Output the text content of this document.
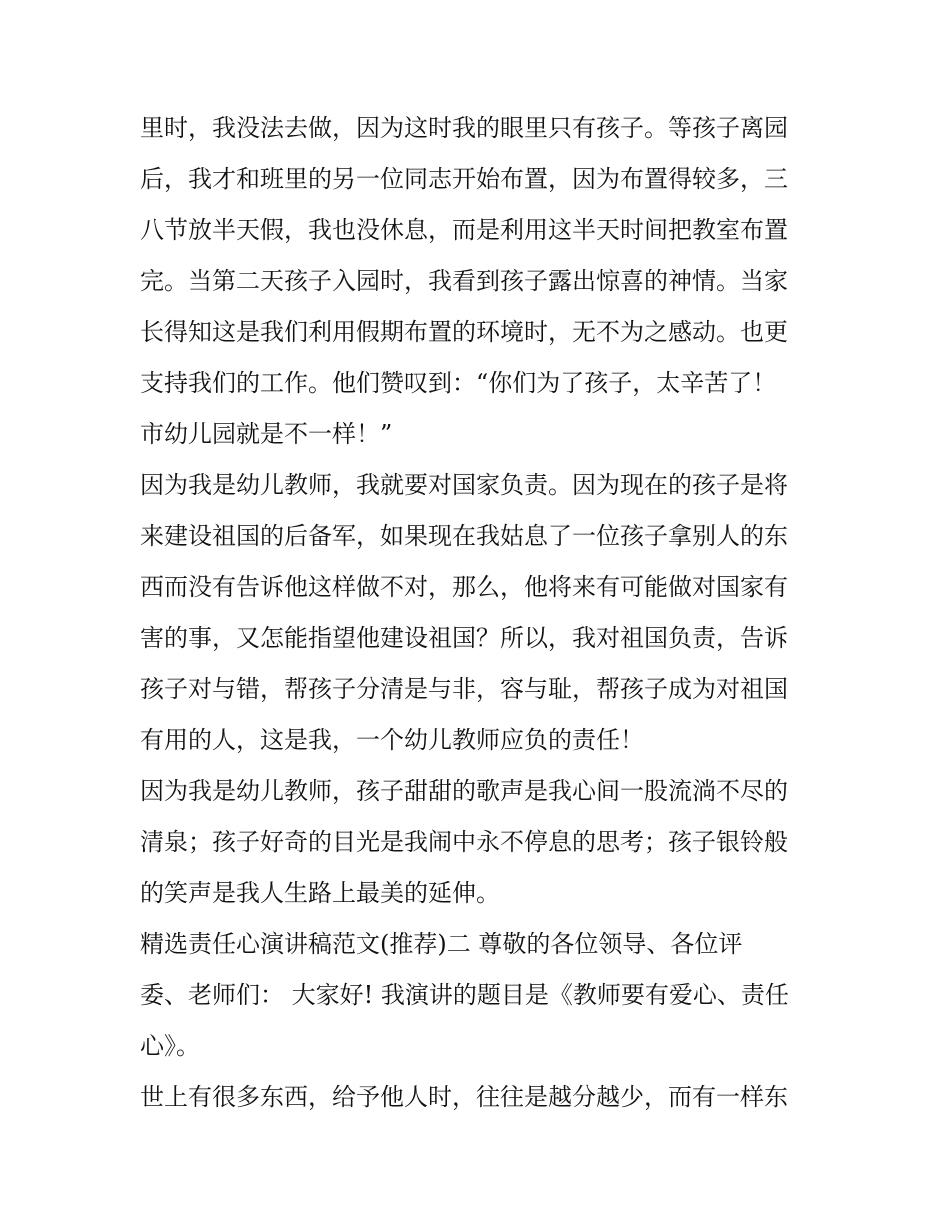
里时，我没法去做，因为这时我的眼里只有孩子。等孩子离园
后，我才和班里的另一位同志开始布置，因为布置得较多，三
八节放半天假，我也没休息，而是利用这半天时间把教室布置
完。当第二天孩子入园时，我看到孩子露出惊喜的神情。当家
长得知这是我们利用假期布置的环境时，无不为之感动。也更
支持我们的工作。他们赞叹到：“你们为了孩子，太辛苦了！
市幼儿园就是不一样！”
因为我是幼儿教师，我就要对国家负责。因为现在的孩子是将
来建设祖国的后备军，如果现在我姑息了一位孩子拿别人的东
西而没有告诉他这样做不对，那么，他将来有可能做对国家有
害的事，又怎能指望他建设祖国？所以，我对祖国负责，告诉
孩子对与错，帮孩子分清是与非，容与耻，帮孩子成为对祖国
有用的人，这是我，一个幼儿教师应负的责任！
因为我是幼儿教师，孩子甜甜的歌声是我心间一股流淌不尽的
清泉；孩子好奇的目光是我闹中永不停息的思考；孩子银铃般
的笑声是我人生路上最美的延伸。
精选责任心演讲稿范文(推荐)二 尊敬的各位领导、各位评
委、老师们： 大家好! 我演讲的题目是《教师要有爱心、责任
心》。
世上有很多东西，给予他人时，往往是越分越少，而有一样东
